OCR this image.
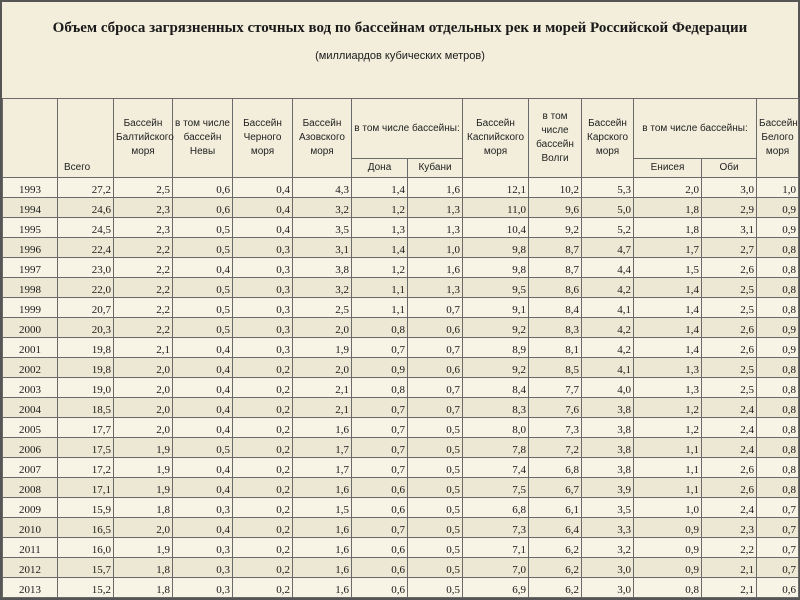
Объем сброса загрязненных сточных вод по бассейнам отдельных рек и морей Российской Федерации
(миллиардов кубических метров)
	Всего	Бассейн Балтийского моря	в том числе бассейн Невы	Бассейн Черного моря	Бассейн Азовского моря	в том числе бассейны:		Бассейн Каспийского моря	в том числе бассейн Волги	Бассейн Карского моря	в том числе бассейны:		Бассейн Белого моря
						Дона	Кубани				Енисея	Оби	
1993	27,2	2,5	0,6	0,4	4,3	1,4	1,6	12,1	10,2	5,3	2,0	3,0	1,0
1994	24,6	2,3	0,6	0,4	3,2	1,2	1,3	11,0	9,6	5,0	1,8	2,9	0,9
1995	24,5	2,3	0,5	0,4	3,5	1,3	1,3	10,4	9,2	5,2	1,8	3,1	0,9
1996	22,4	2,2	0,5	0,3	3,1	1,4	1,0	9,8	8,7	4,7	1,7	2,7	0,8
1997	23,0	2,2	0,4	0,3	3,8	1,2	1,6	9,8	8,7	4,4	1,5	2,6	0,8
1998	22,0	2,2	0,5	0,3	3,2	1,1	1,3	9,5	8,6	4,2	1,4	2,5	0,8
1999	20,7	2,2	0,5	0,3	2,5	1,1	0,7	9,1	8,4	4,1	1,4	2,5	0,8
2000	20,3	2,2	0,5	0,3	2,0	0,8	0,6	9,2	8,3	4,2	1,4	2,6	0,9
2001	19,8	2,1	0,4	0,3	1,9	0,7	0,7	8,9	8,1	4,2	1,4	2,6	0,9
2002	19,8	2,0	0,4	0,2	2,0	0,9	0,6	9,2	8,5	4,1	1,3	2,5	0,8
2003	19,0	2,0	0,4	0,2	2,1	0,8	0,7	8,4	7,7	4,0	1,3	2,5	0,8
2004	18,5	2,0	0,4	0,2	2,1	0,7	0,7	8,3	7,6	3,8	1,2	2,4	0,8
2005	17,7	2,0	0,4	0,2	1,6	0,7	0,5	8,0	7,3	3,8	1,2	2,4	0,8
2006	17,5	1,9	0,5	0,2	1,7	0,7	0,5	7,8	7,2	3,8	1,1	2,4	0,8
2007	17,2	1,9	0,4	0,2	1,7	0,7	0,5	7,4	6,8	3,8	1,1	2,6	0,8
2008	17,1	1,9	0,4	0,2	1,6	0,6	0,5	7,5	6,7	3,9	1,1	2,6	0,8
2009	15,9	1,8	0,3	0,2	1,5	0,6	0,5	6,8	6,1	3,5	1,0	2,4	0,7
2010	16,5	2,0	0,4	0,2	1,6	0,7	0,5	7,3	6,4	3,3	0,9	2,3	0,7
2011	16,0	1,9	0,3	0,2	1,6	0,6	0,5	7,1	6,2	3,2	0,9	2,2	0,7
2012	15,7	1,8	0,3	0,2	1,6	0,6	0,5	7,0	6,2	3,0	0,9	2,1	0,7
2013	15,2	1,8	0,3	0,2	1,6	0,6	0,5	6,9	6,2	3,0	0,8	2,1	0,6
